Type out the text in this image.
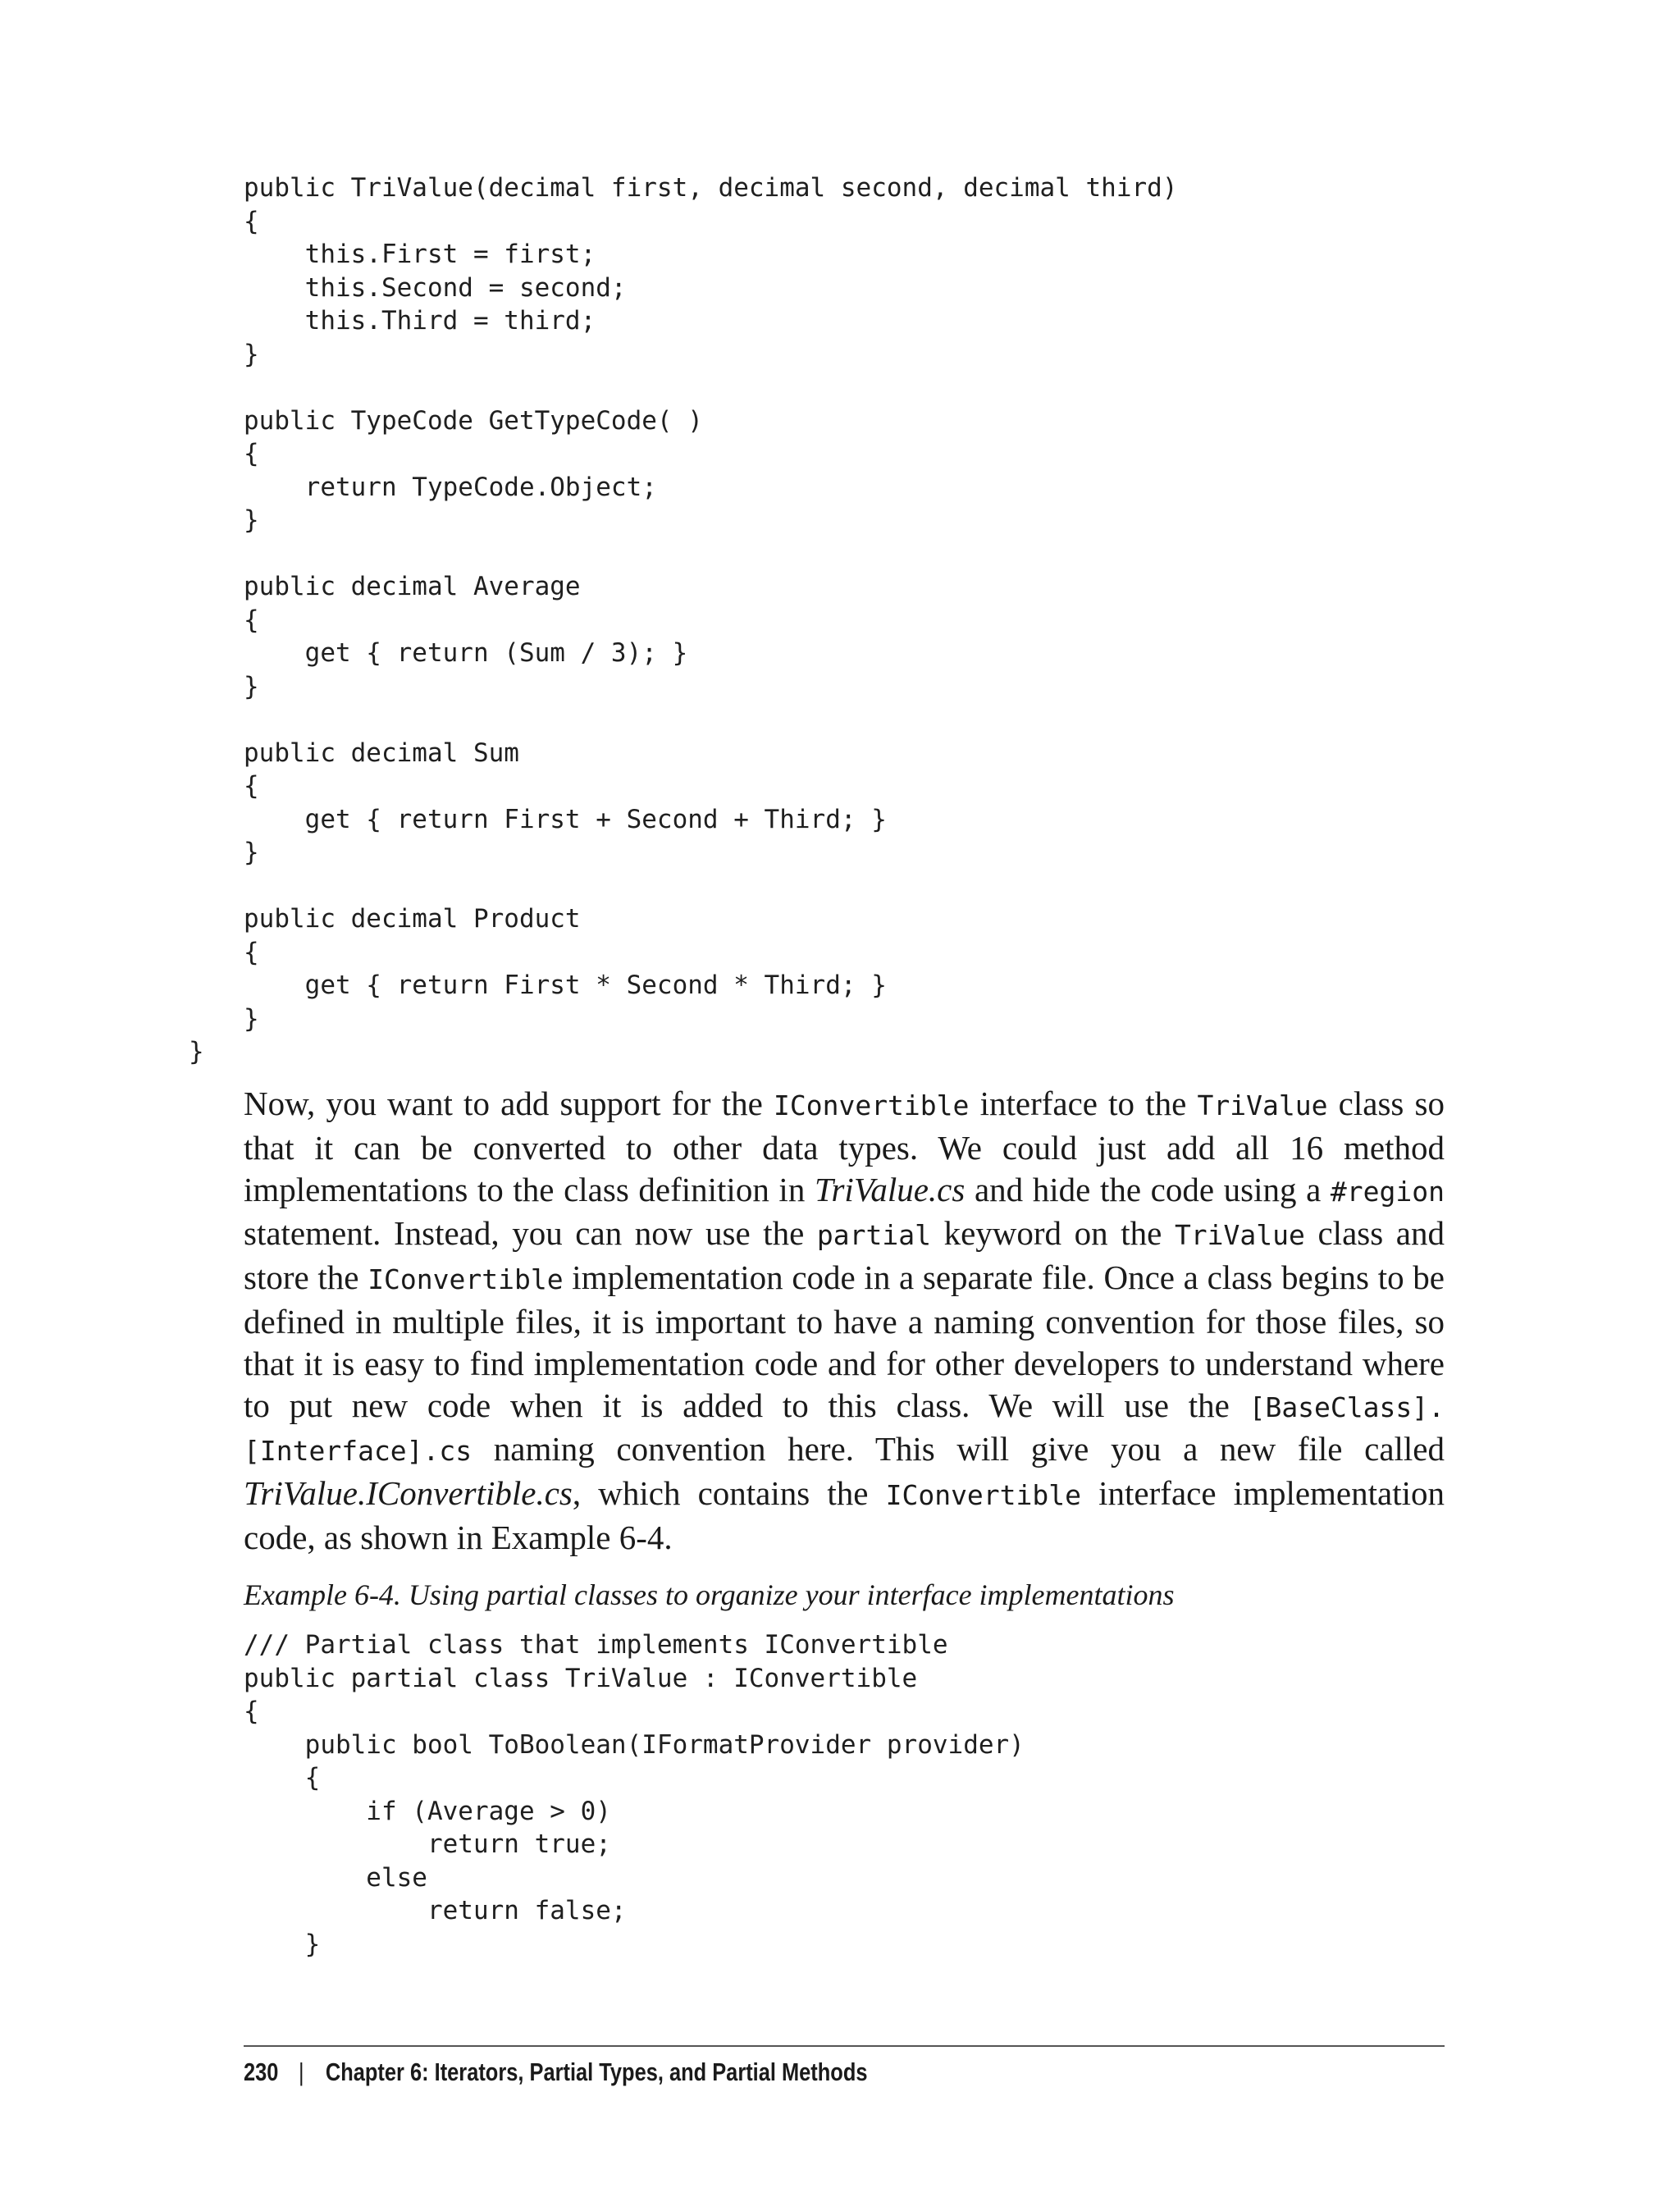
public TriValue(decimal first, decimal second, decimal third)
{
this.First = first;
this.Second = second;
this.Third = third;
}
public TypeCode GetTypeCode( )
{
return TypeCode.Object;
}
public decimal Average
{
get { return (Sum / 3); }
}
public decimal Sum
{
get { return First + Second + Third; }
}
public decimal Product
{
get { return First * Second * Third; }
}
}

Now, you want to add support for the IConvertible interface to the TriValue class so that it can be converted to other data types. We could just add all 16 method implementations to the class definition in TriValue.cs and hide the code using a #region statement. Instead, you can now use the partial keyword on the TriValue class and store the IConvertible implementation code in a separate file. Once a class begins to be defined in multiple files, it is important to have a naming convention for those files, so that it is easy to find implementation code and for other developers to understand where to put new code when it is added to this class. We will use the [BaseClass].[Interface].cs naming convention here. This will give you a new file called TriValue.IConvertible.cs, which contains the IConvertible interface implementation code, as shown in Example 6-4.

Example 6-4. Using partial classes to organize your interface implementations

/// Partial class that implements IConvertible
public partial class TriValue : IConvertible
{
public bool ToBoolean(IFormatProvider provider)
{
if (Average > 0)
return true;
else
return false;
}
230 | Chapter 6: Iterators, Partial Types, and Partial Methods
